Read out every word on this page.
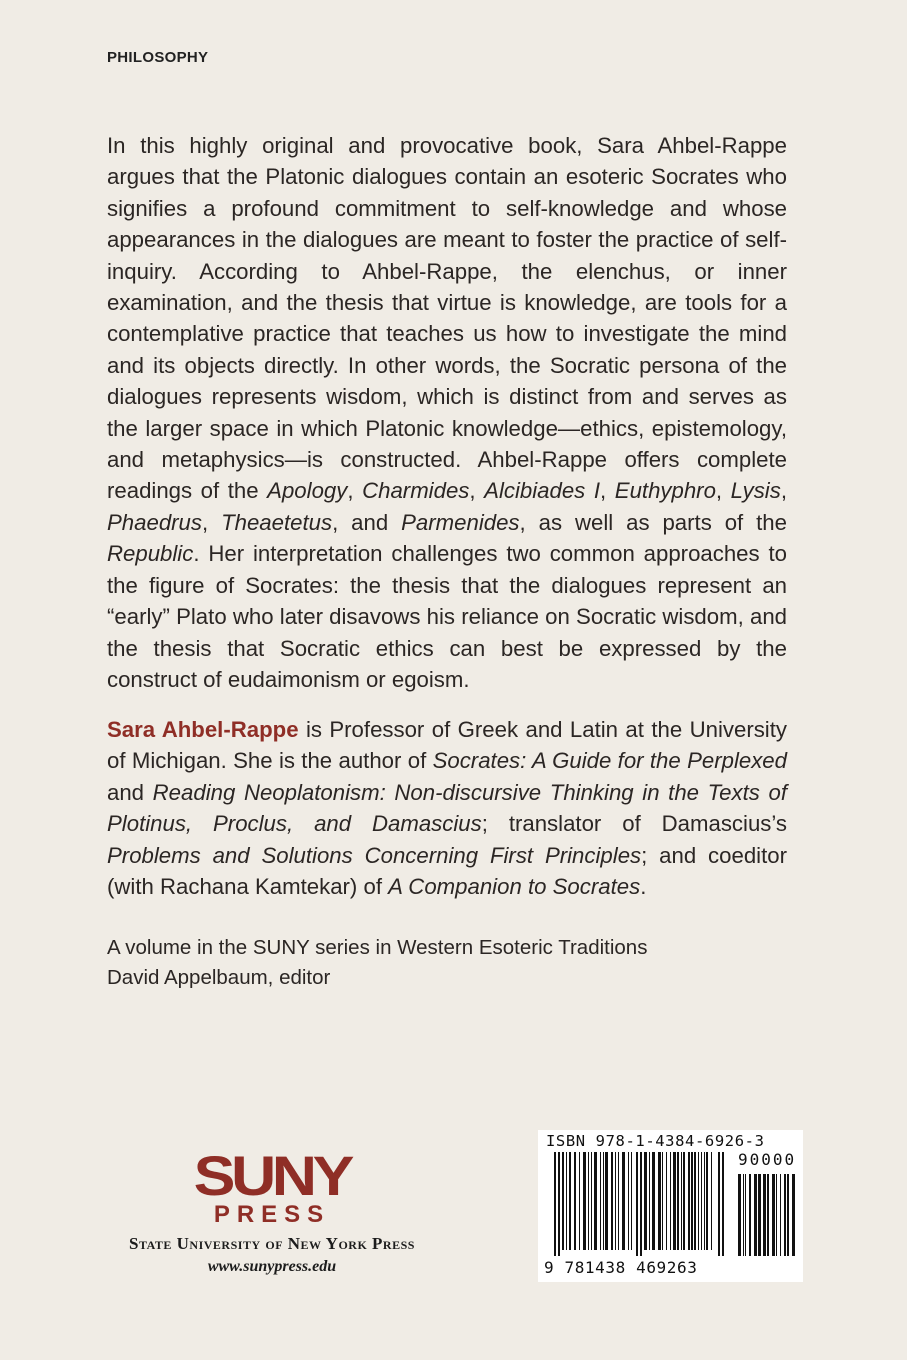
PHILOSOPHY

In this highly original and provocative book, Sara Ahbel-Rappe argues that the Platonic dialogues contain an esoteric Socrates who signifies a profound commitment to self-knowledge and whose appearances in the dialogues are meant to foster the practice of self-inquiry. According to Ahbel-Rappe, the elenchus, or inner examination, and the thesis that virtue is knowledge, are tools for a contemplative practice that teaches us how to investigate the mind and its objects directly. In other words, the Socratic persona of the dialogues represents wisdom, which is distinct from and serves as the larger space in which Platonic knowledge—ethics, epistemology, and metaphysics—is constructed. Ahbel-Rappe offers complete readings of the Apology, Charmides, Alcibiades I, Euthyphro, Lysis, Phaedrus, Theaetetus, and Parmenides, as well as parts of the Republic. Her interpretation challenges two common approaches to the figure of Socrates: the thesis that the dialogues represent an “early” Plato who later disavows his reliance on Socratic wisdom, and the thesis that Socratic ethics can best be expressed by the construct of eudaimonism or egoism.

Sara Ahbel-Rappe is Professor of Greek and Latin at the University of Michigan. She is the author of Socrates: A Guide for the Perplexed and Reading Neoplatonism: Non-discursive Thinking in the Texts of Plotinus, Proclus, and Damascius; translator of Damascius’s Problems and Solutions Concerning First Principles; and coeditor (with Rachana Kamtekar) of A Companion to Socrates.

A volume in the SUNY series in Western Esoteric Traditions
David Appelbaum, editor
SUNY
PRESS
State University of New York Press
www.sunypress.edu
ISBN 978-1-4384-6926-3
90000
9 781438 469263
